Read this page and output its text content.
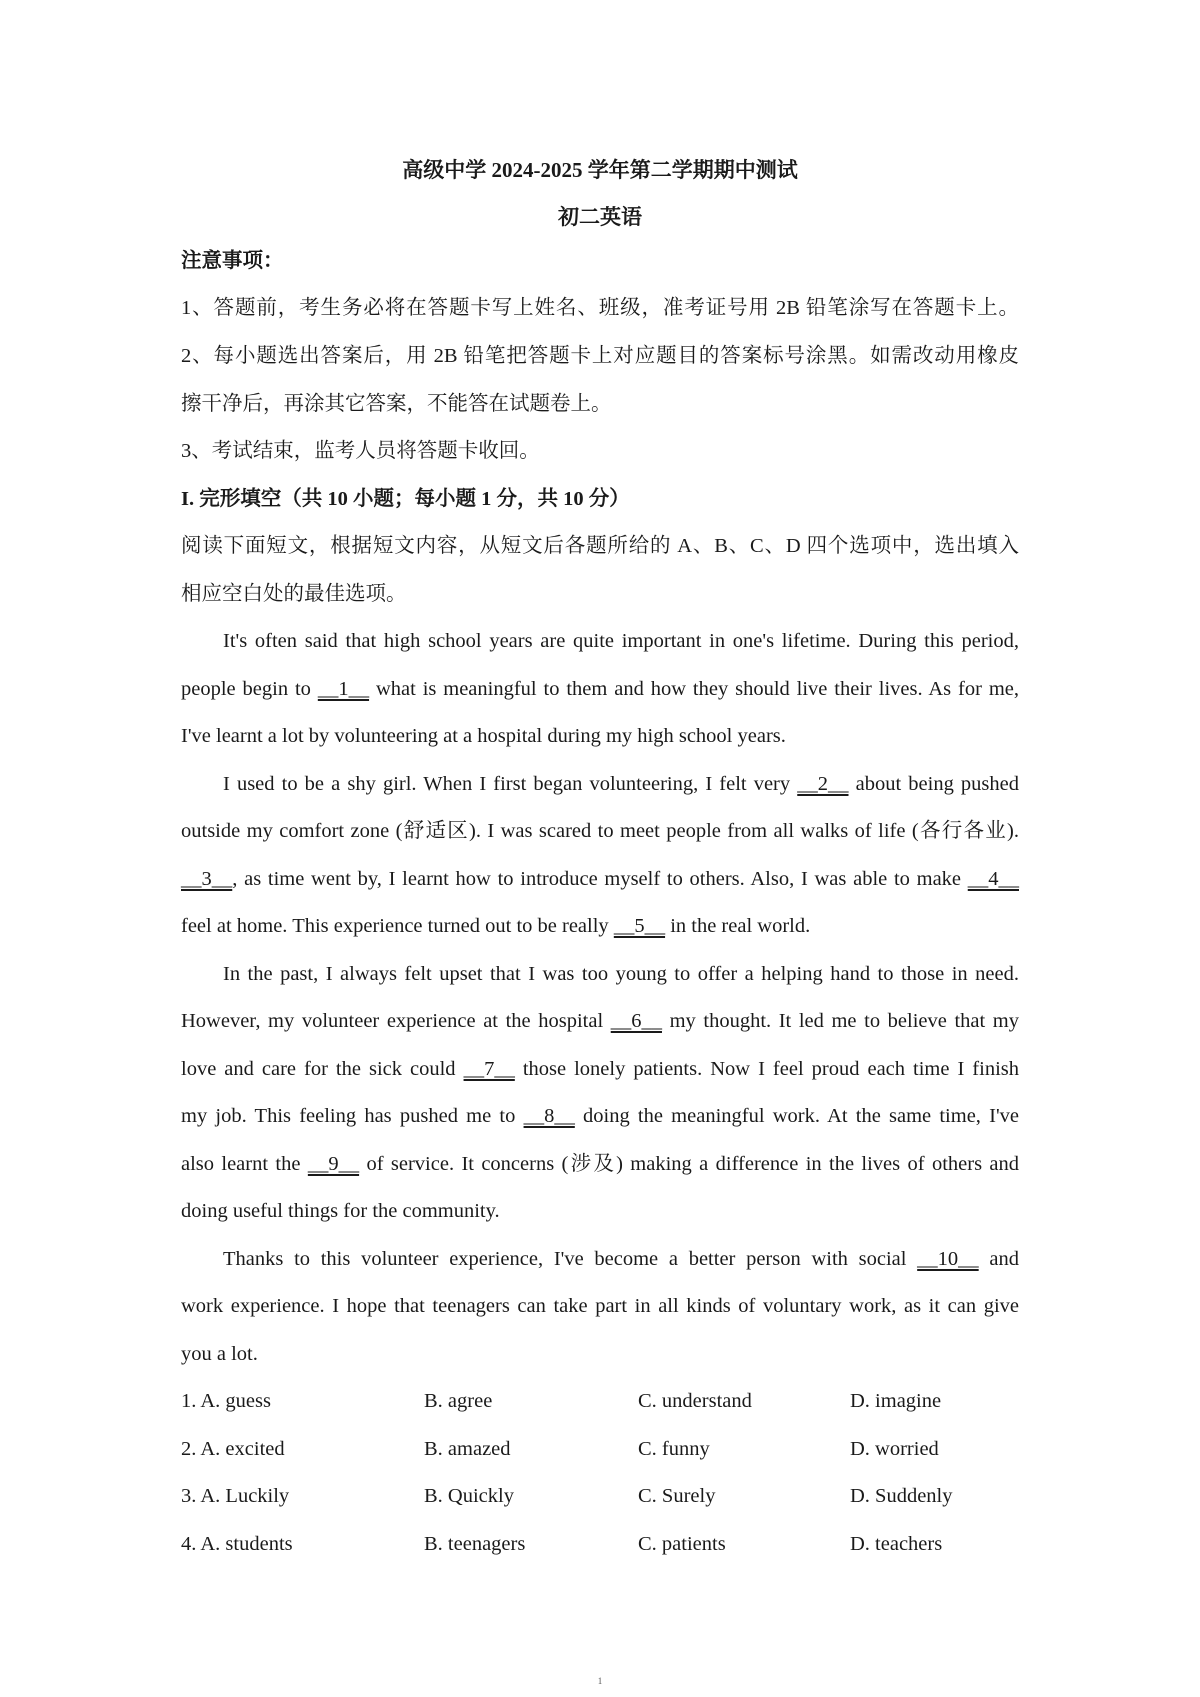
高级中学 2024-2025 学年第二学期期中测试
初二英语
注意事项：
1、答题前，考生务必将在答题卡写上姓名、班级，准考证号用 2B 铅笔涂写在答题卡上。
2、每小题选出答案后，用 2B 铅笔把答题卡上对应题目的答案标号涂黑。如需改动用橡皮
擦干净后，再涂其它答案，不能答在试题卷上。
3、考试结束，监考人员将答题卡收回。
I. 完形填空（共 10 小题；每小题 1 分，共 10 分）
阅读下面短文，根据短文内容，从短文后各题所给的 A、B、C、D 四个选项中，选出填入
相应空白处的最佳选项。
It's often said that high school years are quite important in one's lifetime. During this period,
people begin to __1__ what is meaningful to them and how they should live their lives. As for me,
I've learnt a lot by volunteering at a hospital during my high school years.
I used to be a shy girl. When I first began volunteering, I felt very __2__ about being pushed
outside my comfort zone (舒适区). I was scared to meet people from all walks of life (各行各业).
__3__, as time went by, I learnt how to introduce myself to others. Also, I was able to make __4__
feel at home. This experience turned out to be really __5__ in the real world.
In the past, I always felt upset that I was too young to offer a helping hand to those in need.
However, my volunteer experience at the hospital __6__ my thought. It led me to believe that my
love and care for the sick could __7__ those lonely patients. Now I feel proud each time I finish
my job. This feeling has pushed me to __8__ doing the meaningful work. At the same time, I've
also learnt the __9__ of service. It concerns (涉及) making a difference in the lives of others and
doing useful things for the community.
Thanks to this volunteer experience, I've become a better person with social __10__ and
work experience. I hope that teenagers can take part in all kinds of voluntary work, as it can give
you a lot.
1. A. guess	B. agree	C. understand	D. imagine
2. A. excited	B. amazed	C. funny	D. worried
3. A. Luckily	B. Quickly	C. Surely	D. Suddenly
4. A. students	B. teenagers	C. patients	D. teachers
1
